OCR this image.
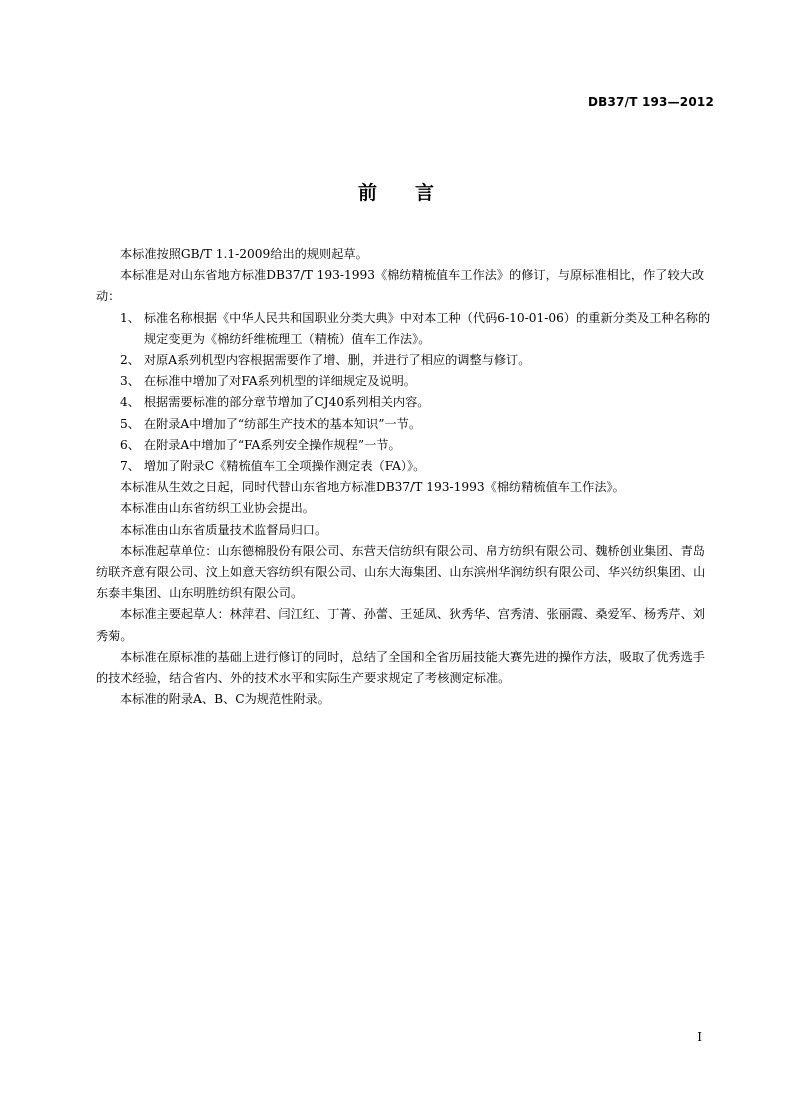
DB37/T 193—2012
前言

本标准按照GB/T 1.1-2009给出的规则起草。

本标准是对山东省地方标准DB37/T 193-1993《棉纺精梳值车工作法》的修订，与原标准相比，作了较大改动：

1、 标准名称根据《中华人民共和国职业分类大典》中对本工种（代码6-10-01-06）的重新分类及工种名称的规定变更为《棉纺纤维梳理工（精梳）值车工作法》。

2、 对原A系列机型内容根据需要作了增、删，并进行了相应的调整与修订。

3、 在标准中增加了对FA系列机型的详细规定及说明。

4、 根据需要标准的部分章节增加了CJ40系列相关内容。

5、 在附录A中增加了“纺部生产技术的基本知识”一节。

6、 在附录A中增加了“FA系列安全操作规程”一节。

7、 增加了附录C《精梳值车工全项操作测定表（FA）》。

本标准从生效之日起，同时代替山东省地方标准DB37/T 193-1993《棉纺精梳值车工作法》。

本标准由山东省纺织工业协会提出。

本标准由山东省质量技术监督局归口。

本标准起草单位：山东德棉股份有限公司、东营天信纺织有限公司、帛方纺织有限公司、魏桥创业集团、青岛纺联齐意有限公司、汶上如意天容纺织有限公司、山东大海集团、山东滨州华润纺织有限公司、华兴纺织集团、山东泰丰集团、山东明胜纺织有限公司。

本标准主要起草人：林萍君、闫江红、丁菁、孙蕾、王延凤、狄秀华、宫秀清、张丽霞、桑爱军、杨秀芹、刘秀菊。

本标准在原标准的基础上进行修订的同时，总结了全国和全省历届技能大赛先进的操作方法，吸取了优秀选手的技术经验，结合省内、外的技术水平和实际生产要求规定了考核测定标准。

本标准的附录A、B、C为规范性附录。

I
